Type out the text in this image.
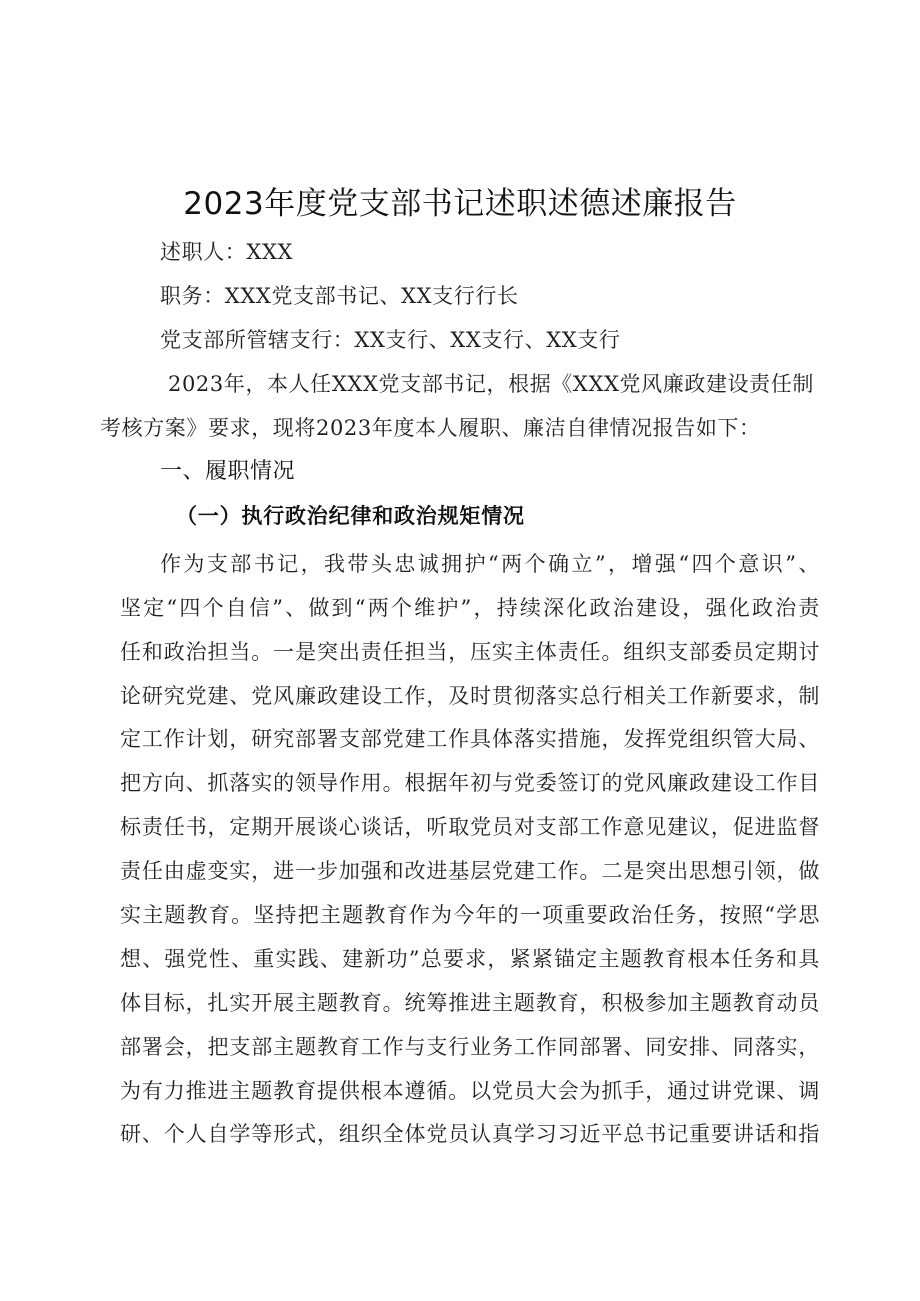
2023年度党支部书记述职述德述廉报告
述职人：XXX
职务：XXX党支部书记、XX支行行长
党支部所管辖支行：XX支行、XX支行、XX支行
2023年，本人任XXX党支部书记，根据《XXX党风廉政建设责任制
考核方案》要求，现将2023年度本人履职、廉洁自律情况报告如下：
一、履职情况
（一）执行政治纪律和政治规矩情况
作为支部书记，我带头忠诚拥护“两个确立”，增强“四个意识”、
坚定“四个自信”、做到“两个维护”，持续深化政治建设，强化政治责
任和政治担当。一是突出责任担当，压实主体责任。组织支部委员定期讨
论研究党建、党风廉政建设工作，及时贯彻落实总行相关工作新要求，制
定工作计划，研究部署支部党建工作具体落实措施，发挥党组织管大局、
把方向、抓落实的领导作用。根据年初与党委签订的党风廉政建设工作目
标责任书，定期开展谈心谈话，听取党员对支部工作意见建议，促进监督
责任由虚变实，进一步加强和改进基层党建工作。二是突出思想引领，做
实主题教育。坚持把主题教育作为今年的一项重要政治任务，按照“学思
想、强党性、重实践、建新功”总要求，紧紧锚定主题教育根本任务和具
体目标，扎实开展主题教育。统筹推进主题教育，积极参加主题教育动员
部署会，把支部主题教育工作与支行业务工作同部署、同安排、同落实，
为有力推进主题教育提供根本遵循。以党员大会为抓手，通过讲党课、调
研、个人自学等形式，组织全体党员认真学习习近平总书记重要讲话和指
